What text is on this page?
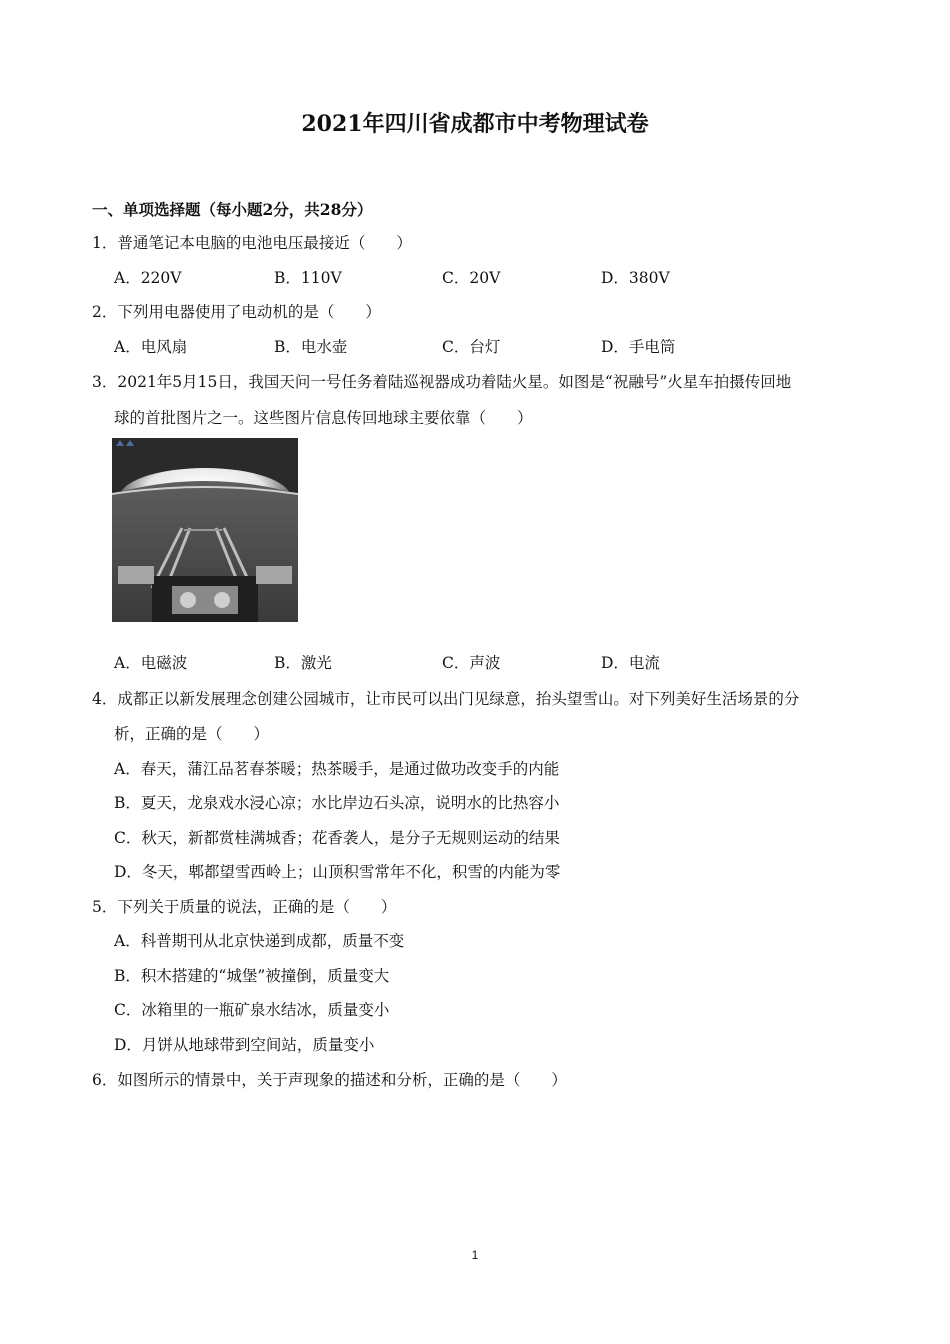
2021年四川省成都市中考物理试卷
一、单项选择题（每小题2分，共28分）
1．普通笔记本电脑的电池电压最接近（　　）
A．220V	B．110V	C．20V	D．380V
2．下列用电器使用了电动机的是（　　）
A．电风扇	B．电水壶	C．台灯	D．手电筒
3．2021年5月15日，我国天问一号任务着陆巡视器成功着陆火星。如图是“祝融号”火星车拍摄传回地
球的首批图片之一。这些图片信息传回地球主要依靠（　　）
A．电磁波	B．激光	C．声波	D．电流
4．成都正以新发展理念创建公园城市，让市民可以出门见绿意，抬头望雪山。对下列美好生活场景的分
析，正确的是（　　）
A．春天，蒲江品茗春茶暖；热茶暖手，是通过做功改变手的内能
B．夏天，龙泉戏水浸心凉；水比岸边石头凉，说明水的比热容小
C．秋天，新都赏桂满城香；花香袭人，是分子无规则运动的结果
D．冬天，郫都望雪西岭上；山顶积雪常年不化，积雪的内能为零
5．下列关于质量的说法，正确的是（　　）
A．科普期刊从北京快递到成都，质量不变
B．积木搭建的“城堡”被撞倒，质量变大
C．冰箱里的一瓶矿泉水结冰，质量变小
D．月饼从地球带到空间站，质量变小
6．如图所示的情景中，关于声现象的描述和分析，正确的是（　　）
1
